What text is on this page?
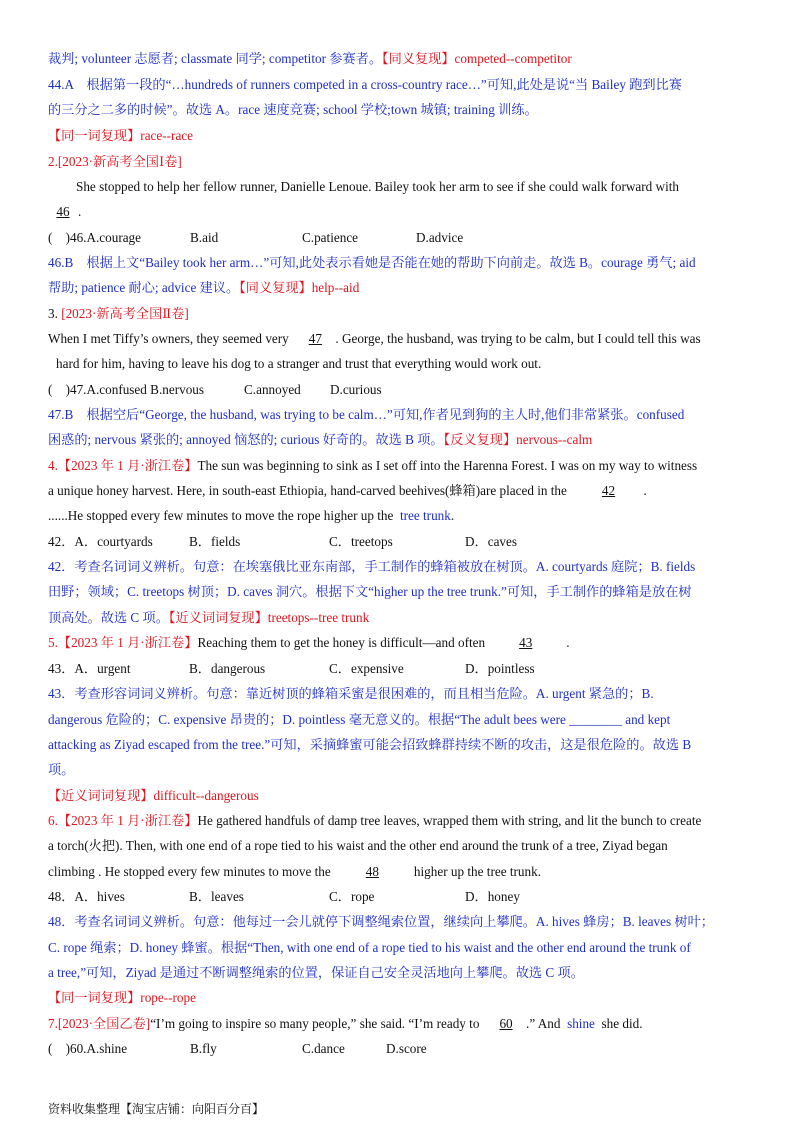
裁判; volunteer 志愿者; classmate 同学; competitor 参赛者。【同义复现】competed--competitor
44.A　根据第一段的“…hundreds of runners competed in a cross-country race…”可知,此处是说“当 Bailey 跑到比赛
的三分之二多的时候”。故选 A。race 速度竞赛; school 学校;town 城镇; training 训练。
【同一词复现】race--race
2.[2023·新高考全国Ⅰ卷]
She stopped to help her fellow runner, Danielle Lenoue. Bailey took her arm to see if she could walk forward with
46 .
(　)46.A.courage	B.aid	C.patience	D.advice
46.B　根据上文“Bailey took her arm…”可知,此处表示看她是否能在她的帮助下向前走。故选 B。courage 勇气; aid
帮助; patience 耐心; advice 建议。【同义复现】help--aid
3. [2023·新高考全国Ⅱ卷]
When I met Tiffy’s owners, they seemed very 47 . George, the husband, was trying to be calm, but I could tell this was
hard for him, having to leave his dog to a stranger and trust that everything would work out.
(　)47.A.confused B.nervous	C.annoyed D.curious
47.B　根据空后“George, the husband, was trying to be calm…”可知,作者见到狗的主人时,他们非常紧张。confused
困惑的; nervous 紧张的; annoyed 恼怒的; curious 好奇的。故选 B 项。【反义复现】nervous--calm
4.【2023 年 1 月·浙江卷】The sun was beginning to sink as I set off into the Harenna Forest. I was on my way to witness
a unique honey harvest. Here, in south-east Ethiopia, hand-carved beehives(蜂箱)are placed in the	42 .
......He stopped every few minutes to move the rope higher up the tree trunk.
42．A．courtyards	B．fields	C．treetops	D．caves
42．考查名词词义辨析。句意：在埃塞俄比亚东南部，手工制作的蜂箱被放在树顶。A. courtyards 庭院；B. fields
田野；领域；C. treetops 树顶；D. caves 洞穴。根据下文“higher up the tree trunk.”可知，手工制作的蜂箱是放在树
顶高处。故选 C 项。【近义词词复现】treetops--tree trunk
5.【2023 年 1 月·浙江卷】Reaching them to get the honey is difficult—and often	43	.
43．A．urgent	B．dangerous	C．expensive	D．pointless
43．考查形容词词义辨析。句意：靠近树顶的蜂箱采蜜是很困难的，而且相当危险。A. urgent 紧急的；B.
dangerous 危险的；C. expensive 昂贵的；D. pointless 毫无意义的。根据“The adult bees were ________ and kept
attacking as Ziyad escaped from the tree.”可知，采摘蜂蜜可能会招致蜂群持续不断的攻击，这是很危险的。故选 B
项。
【近义词词复现】difficult--dangerous
6.【2023 年 1 月·浙江卷】He gathered handfuls of damp tree leaves, wrapped them with string, and lit the bunch to create
a torch(火把). Then, with one end of a rope tied to his waist and the other end around the trunk of a tree, Ziyad began
climbing . He stopped every few minutes to move the	48	higher up the tree trunk.
48．A．hives	B．leaves	C．rope	D．honey
48．考查名词词义辨析。句意：他每过一会儿就停下调整绳索位置，继续向上攀爬。A. hives 蜂房；B. leaves 树叶；
C. rope 绳索；D. honey 蜂蜜。根据“Then, with one end of a rope tied to his waist and the other end around the trunk of
a tree,”可知，Ziyad 是通过不断调整绳索的位置，保证自己安全灵活地向上攀爬。故选 C 项。
【同一词复现】rope--rope
7.[2023·全国乙卷]“I’m going to inspire so many people,” she said. “I’m ready to 60 .” And shine she did.
(　)60.A.shine	B.fly	C.dance	D.score
资料收集整理【淘宝店铺：向阳百分百】
